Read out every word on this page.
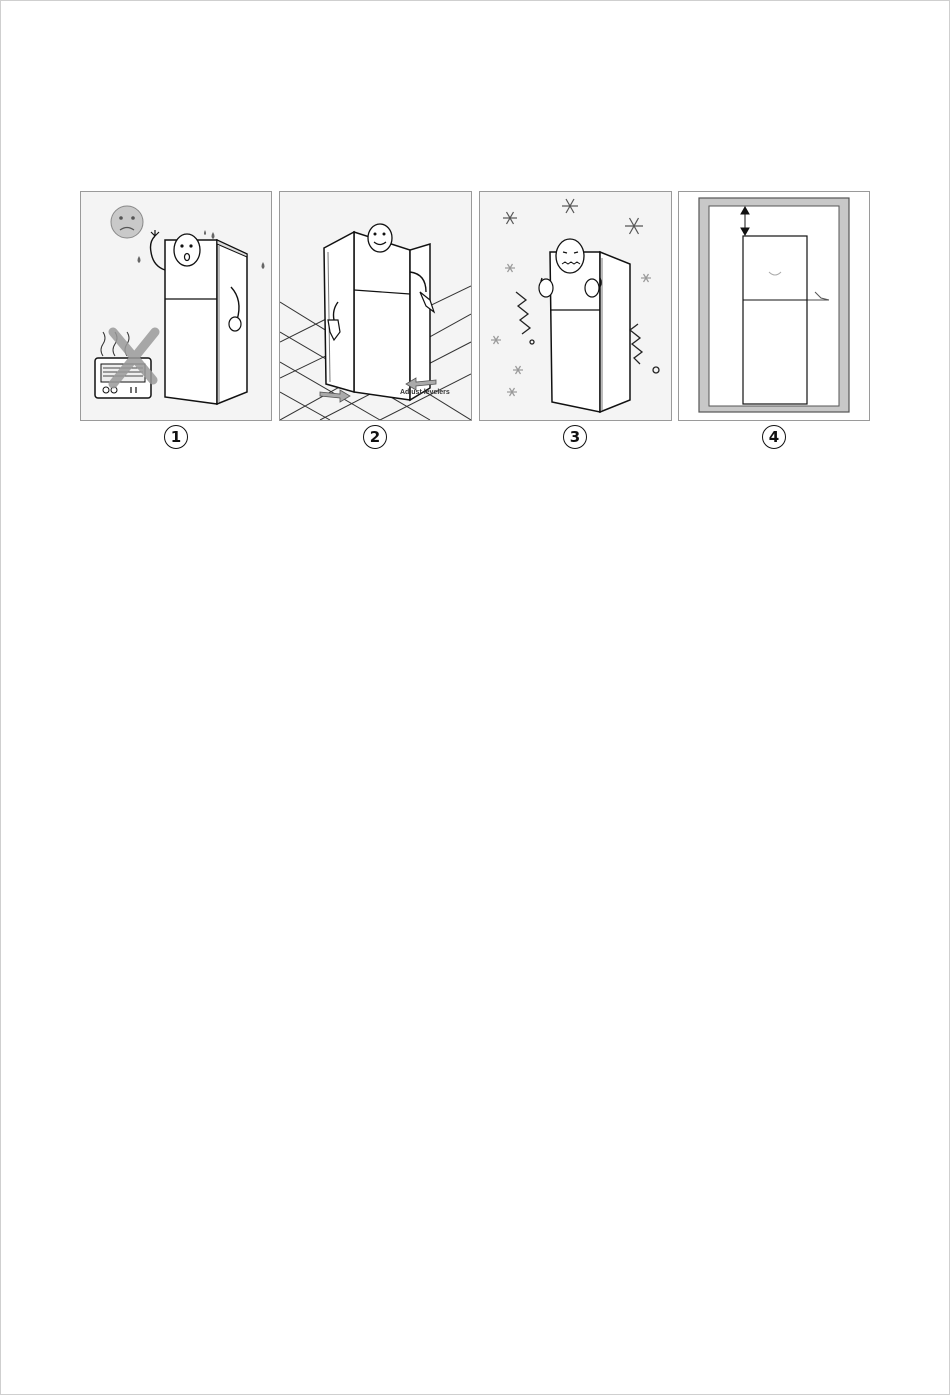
Adjust levelers
1	2	3	4
